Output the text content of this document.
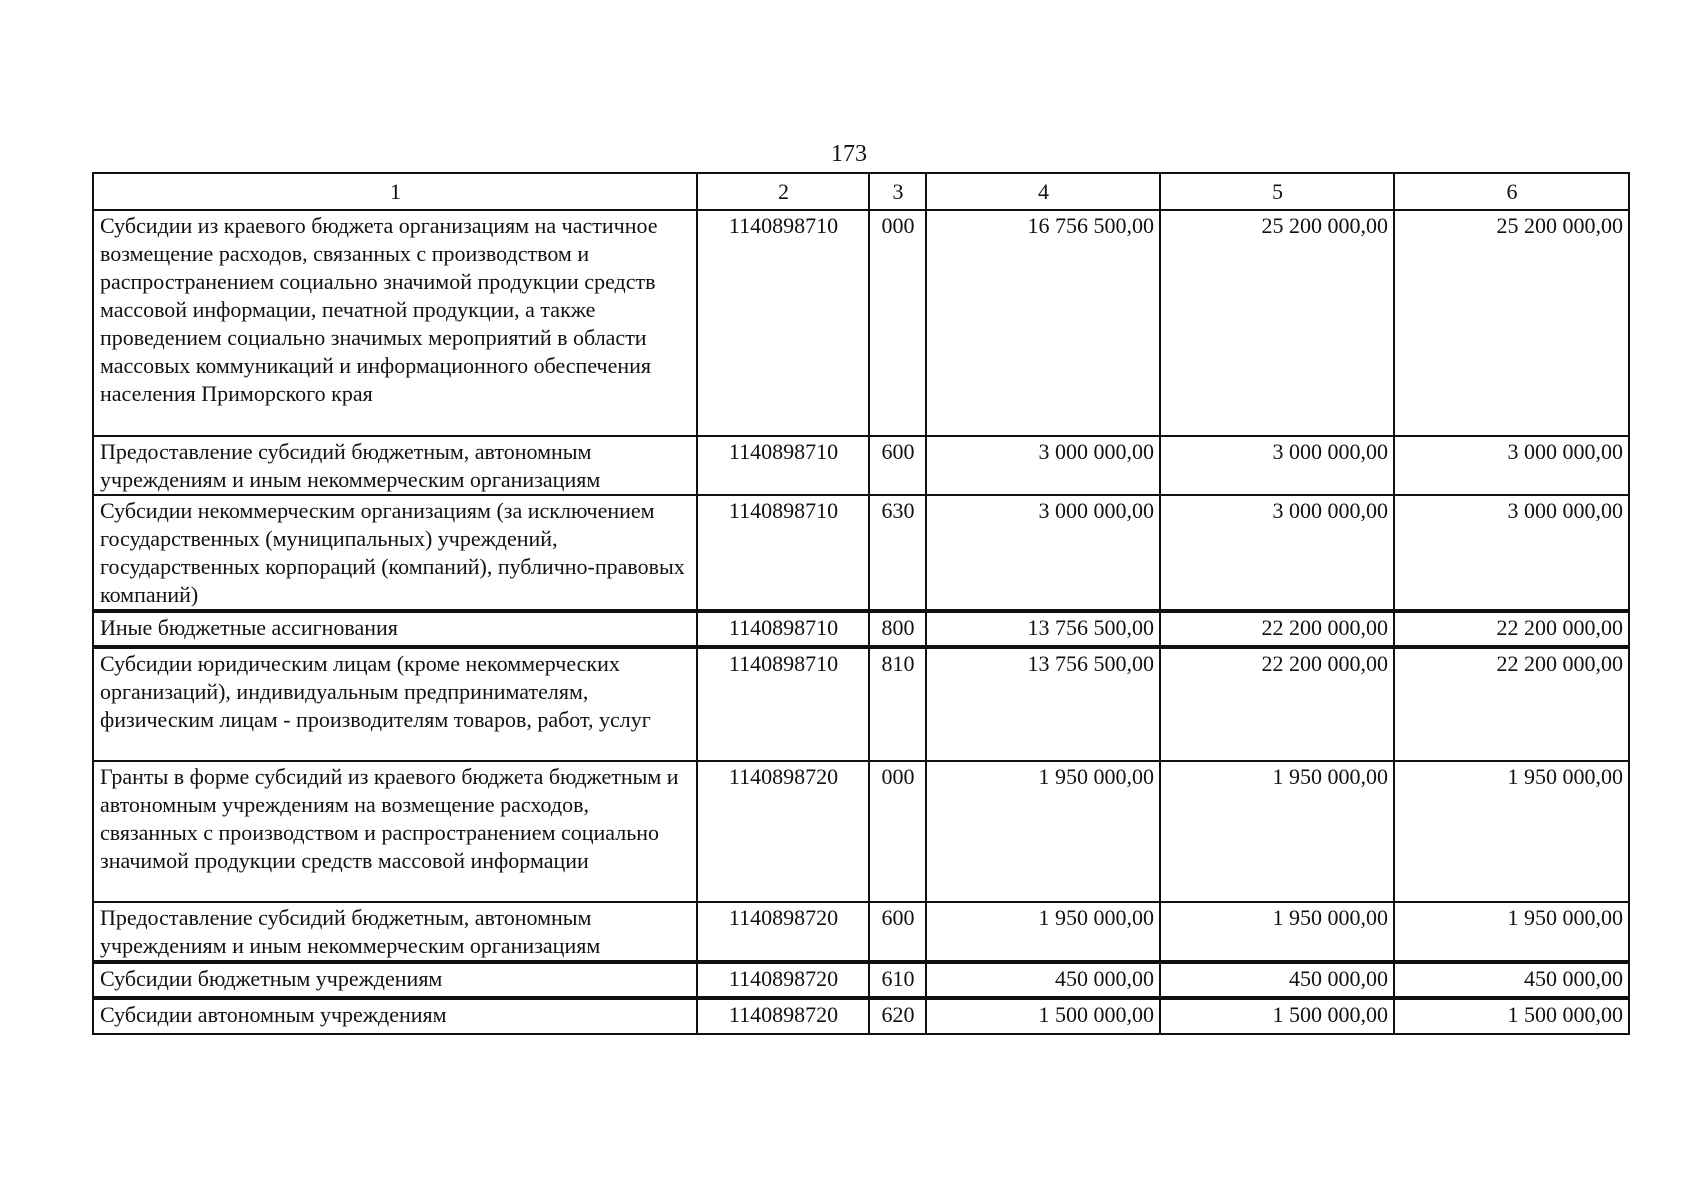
173
1	2	3	4	5	6
Субсидии из краевого бюджета организациям на частичное возмещение расходов, связанных с производством и распространением социально значимой продукции средств массовой информации, печатной продукции, а также проведением социально значимых мероприятий в области массовых коммуникаций и информационного обеспечения населения Приморского края	1140898710	000	16 756 500,00	25 200 000,00	25 200 000,00
Предоставление субсидий бюджетным, автономным учреждениям и иным некоммерческим организациям	1140898710	600	3 000 000,00	3 000 000,00	3 000 000,00
Субсидии некоммерческим организациям (за исключением государственных (муниципальных) учреждений, государственных корпораций (компаний), публично-правовых компаний)	1140898710	630	3 000 000,00	3 000 000,00	3 000 000,00
Иные бюджетные ассигнования	1140898710	800	13 756 500,00	22 200 000,00	22 200 000,00
Субсидии юридическим лицам (кроме некоммерческих организаций), индивидуальным предпринимателям, физическим лицам - производителям товаров, работ, услуг	1140898710	810	13 756 500,00	22 200 000,00	22 200 000,00
Гранты в форме субсидий из краевого бюджета бюджетным и автономным учреждениям на возмещение расходов, связанных с производством и распространением социально значимой продукции средств массовой информации	1140898720	000	1 950 000,00	1 950 000,00	1 950 000,00
Предоставление субсидий бюджетным, автономным учреждениям и иным некоммерческим организациям	1140898720	600	1 950 000,00	1 950 000,00	1 950 000,00
Субсидии бюджетным учреждениям	1140898720	610	450 000,00	450 000,00	450 000,00
Субсидии автономным учреждениям	1140898720	620	1 500 000,00	1 500 000,00	1 500 000,00
